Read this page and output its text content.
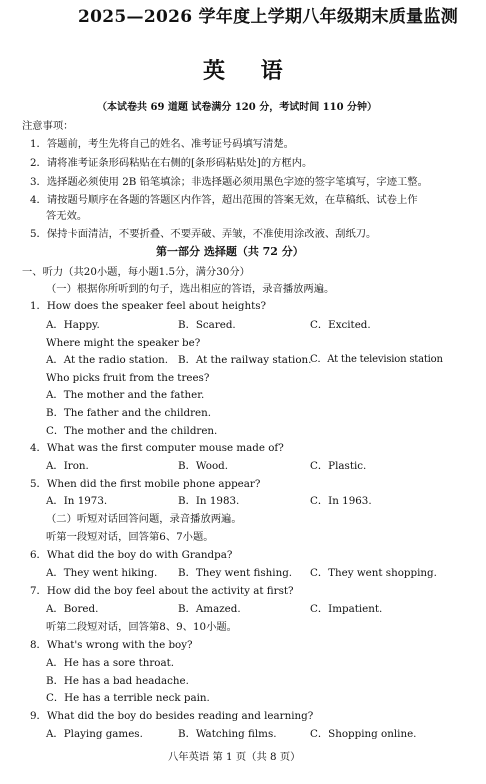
2025—2026 学年度上学期八年级期末质量监测
英 语
（本试卷共 69 道题 试卷满分 120 分，考试时间 110 分钟）
注意事项：
1．答题前，考生先将自己的姓名、准考证号码填写清楚。
2．请将准考证条形码粘贴在右侧的[条形码粘贴处]的方框内。
3．选择题必须使用 2B 铅笔填涂；非选择题必须用黑色字迹的签字笔填写，字迹工整。
4．请按题号顺序在各题的答题区内作答，超出范围的答案无效，在草稿纸、试卷上作
答无效。
5．保持卡面清洁，不要折叠、不要弄破、弄皱，不准使用涂改液、刮纸刀。
第一部分 选择题（共 72 分）
一、听力（共20小题，每小题1.5分，满分30分）
（一）根据你所听到的句子，选出相应的答语，录音播放两遍。
1．How does the speaker feel about heights?
A．Happy.	B．Scared.	C．Excited.
Where might the speaker be?
A．At the radio station. B．At the railway station.
C．At the television station
Who picks fruit from the trees?
A．The mother and the father.
B．The father and the children.
C．The mother and the children.
4．What was the first computer mouse made of?
A．Iron.	B．Wood.	C．Plastic.
5．When did the first mobile phone appear?
A．In 1973.	B．In 1983.	C．In 1963.
（二）听短对话回答问题，录音播放两遍。
听第一段短对话，回答第6、7小题。
6．What did the boy do with Grandpa?
A．They went hiking. B．They went fishing. C．They went shopping.
7．How did the boy feel about the activity at first?
A．Bored.	B．Amazed.	C．Impatient.
听第二段短对话，回答第8、9、10小题。
8．What's wrong with the boy?
A．He has a sore throat.
B．He has a bad headache.
C．He has a terrible neck pain.
9．What did the boy do besides reading and learning?
A．Playing games.	B．Watching films.	C．Shopping online.
八年英语 第 1 页（共 8 页）
